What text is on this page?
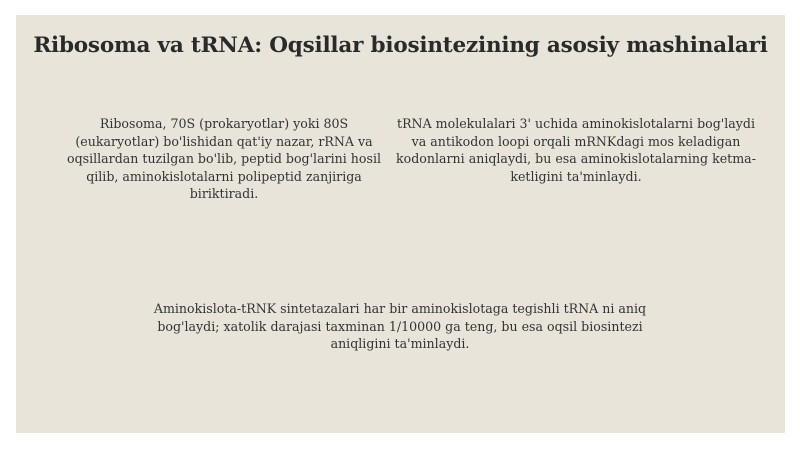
Ribosoma va tRNA: Oqsillar biosintezining asosiy mashinalari

Ribosoma, 70S (prokaryotlar) yoki 80S (eukaryotlar) bo'lishidan qat'iy nazar, rRNA va oqsillardan tuzilgan bo'lib, peptid bog'larini hosil qilib, aminokislotalarni polipeptid zanjiriga biriktiradi.

tRNA molekulalari 3' uchida aminokislotalarni bog'laydi va antikodon loopi orqali mRNKdagi mos keladigan kodonlarni aniqlaydi, bu esa aminokislotalarning ketma-ketligini ta'minlaydi.

Aminokislota-tRNK sintetazalari har bir aminokislotaga tegishli tRNA ni aniq bog'laydi; xatolik darajasi taxminan 1/10000 ga teng, bu esa oqsil biosintezi aniqligini ta'minlaydi.
